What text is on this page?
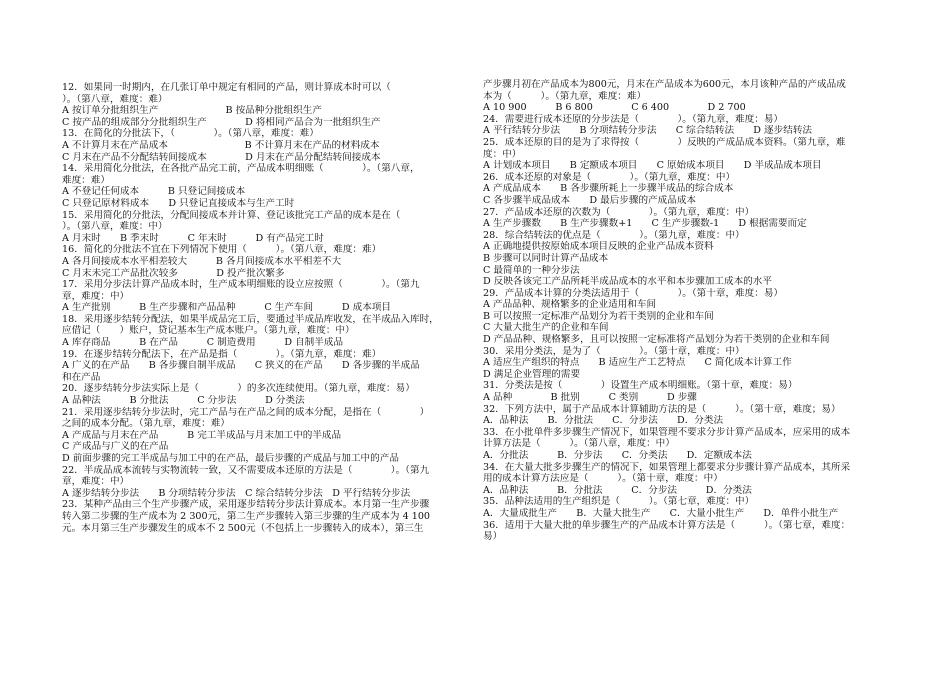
12．如果同一时期内，在几张订单中规定有相同的产品，则计算成本时可以（
）。（第八章，难度：难）
A 按订单分批组织生产　　　　　　　B 按品种分批组织生产
C 按产品的组成部分分批组织生产　　　　D 将相同产品合为一批组织生产
13．在简化的分批法下，（　　　　）。（第八章，难度：难）
A 不计算月末在产品成本　　　　　　　　B 不计算月末在产品的材料成本
C 月末在产品不分配结转间接成本　　　　D 月末在产品分配结转间接成本
14．采用简化分批法，在各批产品完工前，产品成本明细账（　　　　）。（第八章，
难度：难）
A 不登记任何成本　　　B 只登记间接成本
C 只登记原材料成本　　D 只登记直接成本与生产工时
15．采用简化的分批法，分配间接成本并计算、登记该批完工产品的成本是在（　　
）。（第八章，难度：中）
A 月末时　　B 季末时　　　C 年末时　　　D 有产品完工时
16．简化的分批法不宜在下列情况下使用（　　　）。（第八章，难度：难）
A 各月间接成本水平相差较大　　　B 各月间接成本水平相差不大
C 月末未完工产品批次较多　　　　D 投产批次繁多
17．采用分步法计算产品成本时，生产成本明细账的设立应按照（　　　　）。（第九
章，难度：中）
A 生产批别　　　B 生产步骤和产品品种　　　C 生产车间　　　D 成本项目
18．采用逐步结转分配法，如果半成品完工后，要通过半成品库收发，在半成品入库时，
应借记（　　）账户，贷记基本生产成本账户。（第九章，难度：中）
A 库存商品　　　B 在产品　　　C 制造费用　　　D 自制半成品
19．在逐步结转分配法下，在产品是指（　　　　）。（第九章，难度：难）
A 广义的在产品　　B 各步骤自制半成品　　C 狭义的在产品　　D 各步骤的半成品
和在产品
20．逐步结转分步法实际上是（　　　　）的多次连续使用。（第九章，难度：易）
A 品种法　　　B 分批法　　　C 分步法　　　D 分类法
21．采用逐步结转分步法时，完工产品与在产品之间的成本分配，是指在（　　　　）
之间的成本分配。（第九章，难度：难）
A 产成品与月末在产品　　　B 完工半成品与月末加工中的半成品
C 产成品与广义的在产品
D 前面步骤的完工半成品与加工中的在产品，最后步骤的产成品与加工中的产品
22．半成品成本流转与实物流转一致，又不需要成本还原的方法是（　　　　）。（第九
章，难度：中）
A 逐步结转分步法　　B 分项结转分步法　C 综合结转分步法　D 平行结转分步法
23．某种产品由三个生产步骤产成，采用逐步结转分步法计算成本。本月第一生产步骤
转入第二步骤的生产成本为 2 300元，第二生产步骤转入第三步骤的生产成本为 4 100
元。本月第三生产步骤发生的成本不 2 500元（不包括上一步骤转入的成本），第三生
产步骤月初在产品成本为800元，月末在产品成本为600元，本月该种产品的产成品成
本为（　　　）。（第九章，难度：难）
A 10 900　　　B 6 800　　　　C 6 400　　　　D 2 700
24．需要进行成本还原的分步法是（　　　　）。（第九章，难度：易）
A 平行结转分步法　　B 分项结转分步法　　C 综合结转法　　D 逐步结转法
25．成本还原的目的是为了求得按（　　　　）反映的产成品成本资料。（第九章，难
度：中）
A 计划成本项目　　B 定额成本项目　　C 原始成本项目　　D 半成品成本项目
26．成本还原的对象是（　　　　）。（第九章，难度：中）
A 产成品成本　　B 各步骤所耗上一步骤半成品的综合成本
C 各步骤半成品成本　　D 最后步骤的产成品成本
27．产品成本还原的次数为（　　　　）。（第九章，难度：中）
A 生产步骤数　　B 生产步骤数+1　　C 生产步骤数-1　　D 根据需要而定
28．综合结转法的优点是（　　　　）。（第九章，难度：中）
A 正确地提供按原始成本项目反映的企业产品成本资料
B 步骤可以同时计算产品成本
C 最简单的一种分步法
D 反映各该完工产品所耗半成品成本的水平和本步骤加工成本的水平
29．产品成本计算的分类法适用于（　　　　）。（第十章，难度：易）
A 产品品种、规格繁多的企业适用和车间
B 可以按照一定标准产品划分为若干类别的企业和车间
C 大量大批生产的企业和车间
D 产品品种、规格繁多，且可以按照一定标准将产品划分为若干类别的企业和车间
30．采用分类法，是为了（　　　　）。（第十章，难度：中）
A 适应生产组织的特点　　B 适应生产工艺特点　　C 简化成本计算工作
D 满足企业管理的需要
31．分类法是按（　　　　）设置生产成本明细账。（第十章，难度：易）
A 品种　　　　B 批别　　　C 类别　　　D 步骤
32．下列方法中，属于产品成本计算辅助方法的是（　　　）。（第十章，难度；易）
A．品种法　　B．分批法　　C．分步法　　D．分类法
33．在小批单件多步骤生产情况下，如果管理不要求分步计算产品成本，应采用的成本
计算方法是（　　　）。（第八章，难度：中）
A．分批法　　　B．分步法　　C．分类法　　D．定额成本法
34．在大量大批多步骤生产的情况下，如果管理上都要求分步骤计算产品成本，其所采
用的成本计算方法应是（　　　）。（第十章，难度：中）
A．品种法　　　B．分批法　　　C．分步法　　　D．分类法
35．品种法适用的生产组织是（　　　）。（第七章，难度：中）
A．大量成批生产　　B．大量大批生产　　C．大量小批生产　　D．单件小批生产
36．适用于大量大批的单步骤生产的产品成本计算方法是（　　　）。（第七章，难度：
易）
